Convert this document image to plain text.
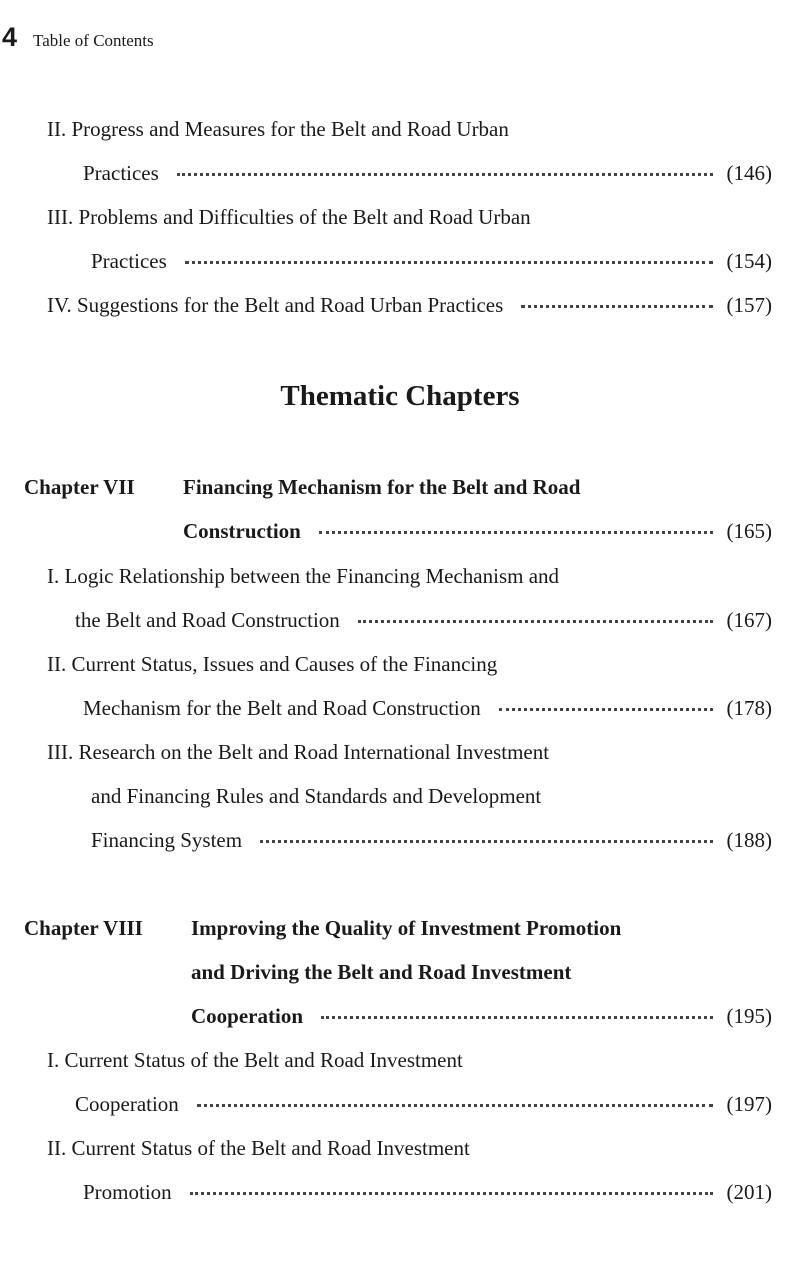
4 Table of Contents
II. Progress and Measures for the Belt and Road Urban
Practices	(146)
III. Problems and Difficulties of the Belt and Road Urban
Practices	(154)
IV. Suggestions for the Belt and Road Urban Practices	(157)
Thematic Chapters
Chapter VII Financing Mechanism for the Belt and Road
Construction	(165)
I. Logic Relationship between the Financing Mechanism and
the Belt and Road Construction	(167)
II. Current Status, Issues and Causes of the Financing
Mechanism for the Belt and Road Construction	(178)
III. Research on the Belt and Road International Investment
and Financing Rules and Standards and Development
Financing System	(188)
Chapter VIII Improving the Quality of Investment Promotion
and Driving the Belt and Road Investment
Cooperation	(195)
I. Current Status of the Belt and Road Investment
Cooperation	(197)
II. Current Status of the Belt and Road Investment
Promotion	(201)
